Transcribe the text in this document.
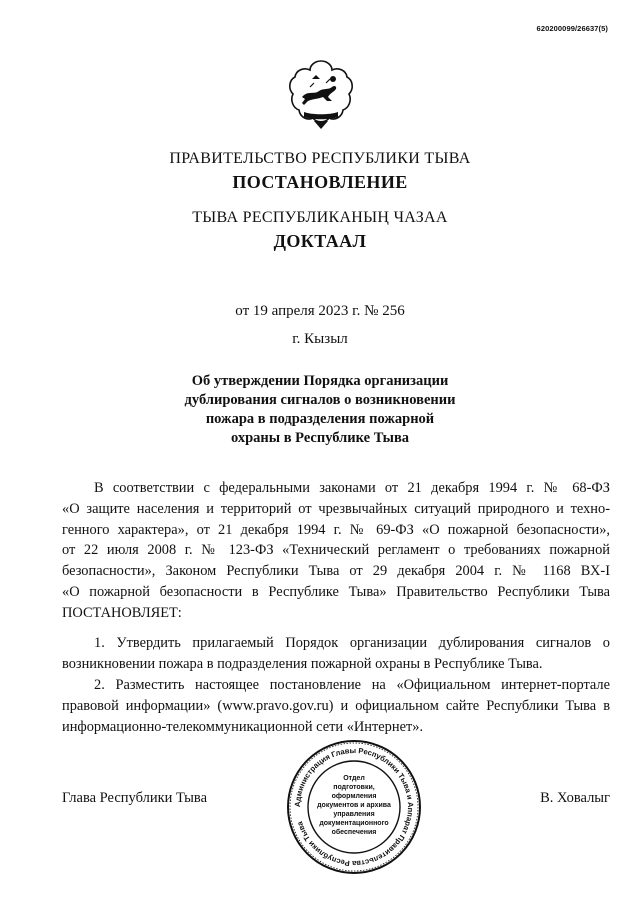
620200099/26637(5)
ПРАВИТЕЛЬСТВО РЕСПУБЛИКИ ТЫВА
ПОСТАНОВЛЕНИЕ
ТЫВА РЕСПУБЛИКАНЫҢ ЧАЗАА
ДОКТААЛ
от 19 апреля 2023 г. № 256
г. Кызыл
Об утверждении Порядка организации
дублирования сигналов о возникновении
пожара в подразделения пожарной
охраны в Республике Тыва
В соответствии с федеральными законами от 21 декабря 1994 г. № 68-ФЗ
«О защите населения и территорий от чрезвычайных ситуаций природного и техно-
генного характера», от 21 декабря 1994 г. № 69-ФЗ «О пожарной безопасности»,
от 22 июля 2008 г. № 123-ФЗ «Технический регламент о требованиях пожарной
безопасности», Законом Республики Тыва от 29 декабря 2004 г. № 1168 ВХ-I
«О пожарной безопасности в Республике Тыва» Правительство Республики Тыва
ПОСТАНОВЛЯЕТ:
1. Утвердить прилагаемый Порядок организации дублирования сигналов о
возникновении пожара в подразделения пожарной охраны в Республике Тыва.
2. Разместить настоящее постановление на «Официальном интернет-портале
правовой информации» (www.pravo.gov.ru) и официальном сайте Республики Тыва в
информационно-телекоммуникационной сети «Интернет».
Глава Республики Тыва	В. Ховалыг
Администрация Главы Республики Тыва и Аппарат Правительства Республики Тыва
Отдел
подготовки,
оформления
документов и архива
управления
документационного
обеспечения
